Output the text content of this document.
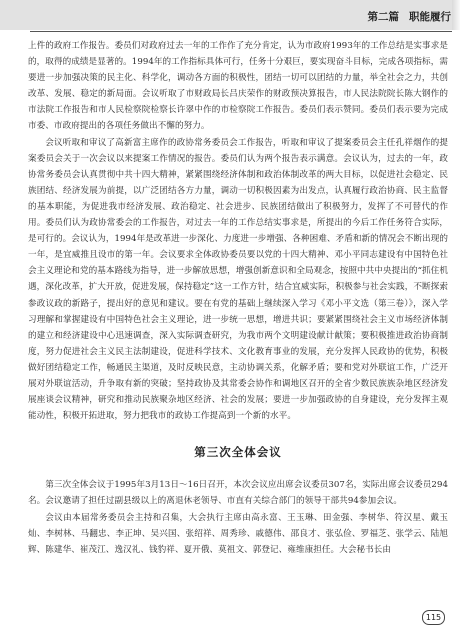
第二篇 职能履行

上件的政府工作报告。委员们对政府过去一年的工作作了充分肯定，认为市政府1993年的工作总结是实事求是的，取得的成绩是显著的。1994年的工作指标具体可行，任务十分艰巨，要实现奋斗目标，完成各项指标，需要进一步加强决策的民主化、科学化，调动各方面的积极性，团结一切可以团结的力量，举全社会之力，共创改革、发展、稳定的新局面。会议听取了市财政局长吕庆荣作的财政预决算报告，市人民法院院长陈大钢作的市法院工作报告和市人民检察院检察长许翠中作的市检察院工作报告。委员们表示赞同。委员们表示要为完成市委、市政府提出的各项任务做出不懈的努力。

会议听取和审议了高新富主席作的政协常务委员会工作报告，听取和审议了提案委员会主任孔祥烟作的提案委员会关于一次会议以来提案工作情况的报告。委员们认为两个报告表示满意。会议认为，过去的一年，政协常务委员会认真贯彻中共十四大精神，紧紧围绕经济体制和政治体制改革的两大目标，以促进社会稳定、民族团结、经济发展为前提，以广泛团结各方力量，调动一切积极因素为出发点，认真履行政治协商、民主监督的基本职能，为促进我市经济发展、政治稳定、社会进步、民族团结做出了积极努力，发挥了不可替代的作用。委员们认为政协常委会的工作报告，对过去一年的工作总结实事求是，所提出的今后工作任务符合实际，是可行的。会议认为，1994年是改革进一步深化、力度进一步增强、各种困难、矛盾和新的情况会不断出现的一年，是宜威推且设市的第一年。会议要求全体政协委员要以党的十四大精神、邓小平同志建设有中国特色社会主义理论和党的基本路线为指导，进一步解放思想，增强创新意识和全局观念，按照中共中央提出的“抓住机遇，深化改革，扩大开放，促进发展，保持稳定”这一工作方针，结合宜威实际，积极参与社会实践，不断探索参政议政的新路子，提出好的意见和建议。要在有党的基础上继续深入学习《邓小平文选（第三卷）》，深入学习理解和掌握建设有中国特色社会主义理论，进一步统一思想，增进共识；要紧紧围绕社会主义市场经济体制的建立和经济建设中心迅速调查，深入实际调查研究，为我市两个文明建设献计献策；要积极推进政治协商制度，努力促进社会主义民主法制建设，促进科学技术、文化教育事业的发展，充分发挥人民政协的优势，积极做好团结稳定工作，畅通民主渠道，及时反映民意，主动协调关系，化解矛盾；要和党对外联谊工作，广泛开展对外联谊活动，升争取有新的突破；坚持政协及其常委会协作和调地区召开的全省少数民族族杂地区经济发展座谈会议精神，研究和推动民族聚杂地区经济、社会的发展；要进一步加强政协的自身建设，充分发挥主观能动性，积极开拓进取，努力把我市的政协工作提高到一个新的水平。

第三次全体会议

第三次全体会议于1995年3月13日～16日召开，本次会议应出席会议委员307名，实际出席会议委员294名。会议邀请了担任过副县级以上的离退休老领导、市直有关综合部门的领导干部共94参加会议。

会议由本届常务委员会主持和召集，大会执行主席由高永富、王玉琳、田金强、李树华、符汉星、戴玉灿、李树林、马翻忠、李正坤、吴兴国、张绍祥、周秀珍、戚德伟、邵良才、张弘俭、罗福芝、张学云、陆旭辉、陈建华、崔茂江、逸汉礼、钱豹祥、夏开俄、莫祖文、郭登记、雍维康担任。大会秘书长由

115
